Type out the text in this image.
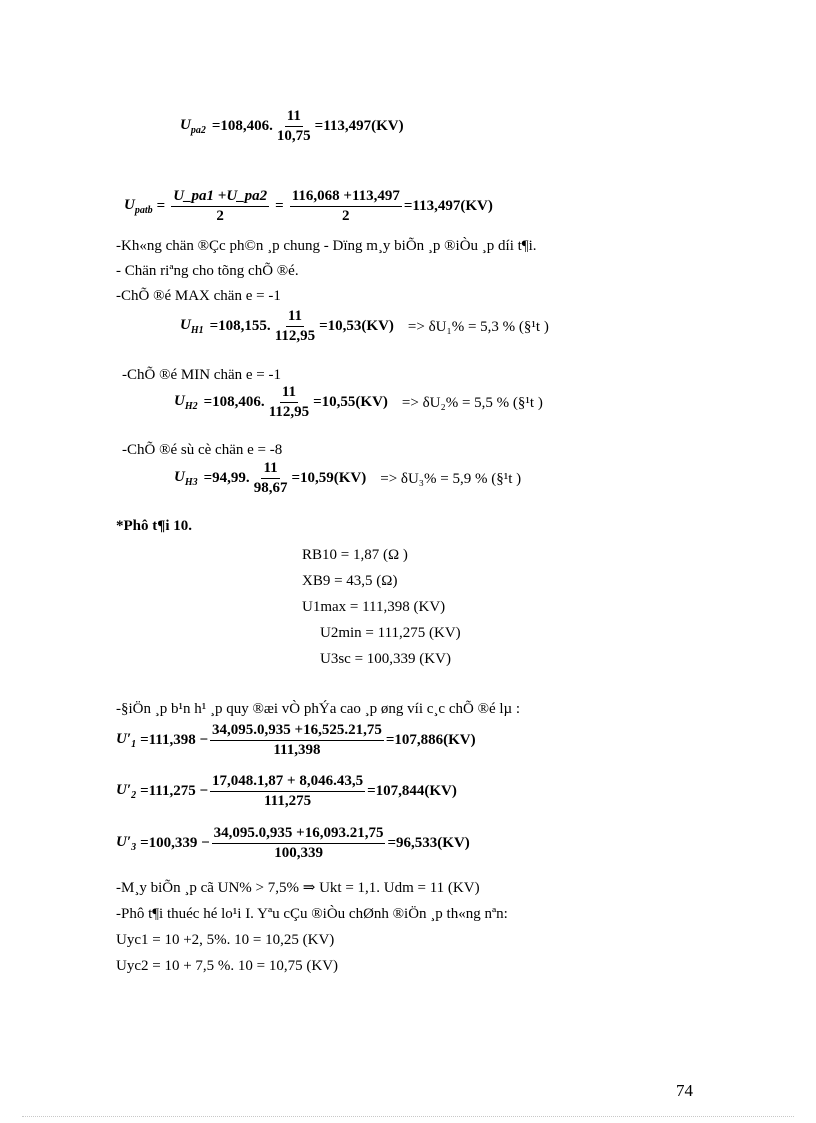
$U_{pa2} =108,406$. $\frac{11}{10,75} =113,497(KV)$
$U_{patb} = \frac{U\_pa1 +U\_pa2}{2} = \frac{116,068 +113,497}{2} =113,497(KV)$
-Kh«ng chän ®Çc ph©n ¸p chung - Dïng m¸y biÕn ¸p ®iÒu ¸p díi t¶i.
- Chän riªng cho tõng chÕ ®é.
-ChÕ ®é MAX chän e = -1
$U_{H1} =108,155$. $\frac{11}{112,95} =10,53(KV) => \delta U_1\% = 5,3$ % (§¹t )
-ChÕ ®é MIN chän e = -1
$U_{H2} =108,406$. $\frac{11}{112,95} =10,55(KV) => \delta U_2\% = 5,5$ % (§¹t )
-ChÕ ®é sù cè chän e = -8
$U_{H3} =94,99$. $\frac{11}{98,67} =10,59(KV) => \delta U_3\% = 5,9$ % (§¹t )
*Phô t¶i 10.
RB10 = 1,87 (Ω )
XB9 = 43,5 (Ω)
U1max = 111,398 (KV)
U2min = 111,275 (KV)
U3sc = 100,339 (KV)
-§iÖn ¸p b¹n h¹ ¸p quy ®æi vÒ phÝa cao ¸p øng víi c¸c chÕ ®é lµ :
$U'_1 =111,398 - \frac{34,095.0,935 +16,525.21,75}{111,398} =107,886(KV)$
$U'_2 =111,275 - \frac{17,048.1,87 + 8,046.43,5}{111,275} =107,844(KV)$
$U'_3 =100,339 - \frac{34,095.0,935 +16,093.21,75}{100,339} =96,533(KV)$
-M¸y biÕn ¸p cã UN% > 7,5% ⇒ Ukt = 1,1. Udm = 11 (KV)
-Phô t¶i thuéc hé lo¹i I. Yªu cÇu ®iÒu chØnh ®iÖn ¸p th«ng nªn:
Uyc1 = 10 +2, 5%. 10 = 10,25 (KV)
Uyc2 = 10 + 7,5 %. 10 = 10,75 (KV)
74
